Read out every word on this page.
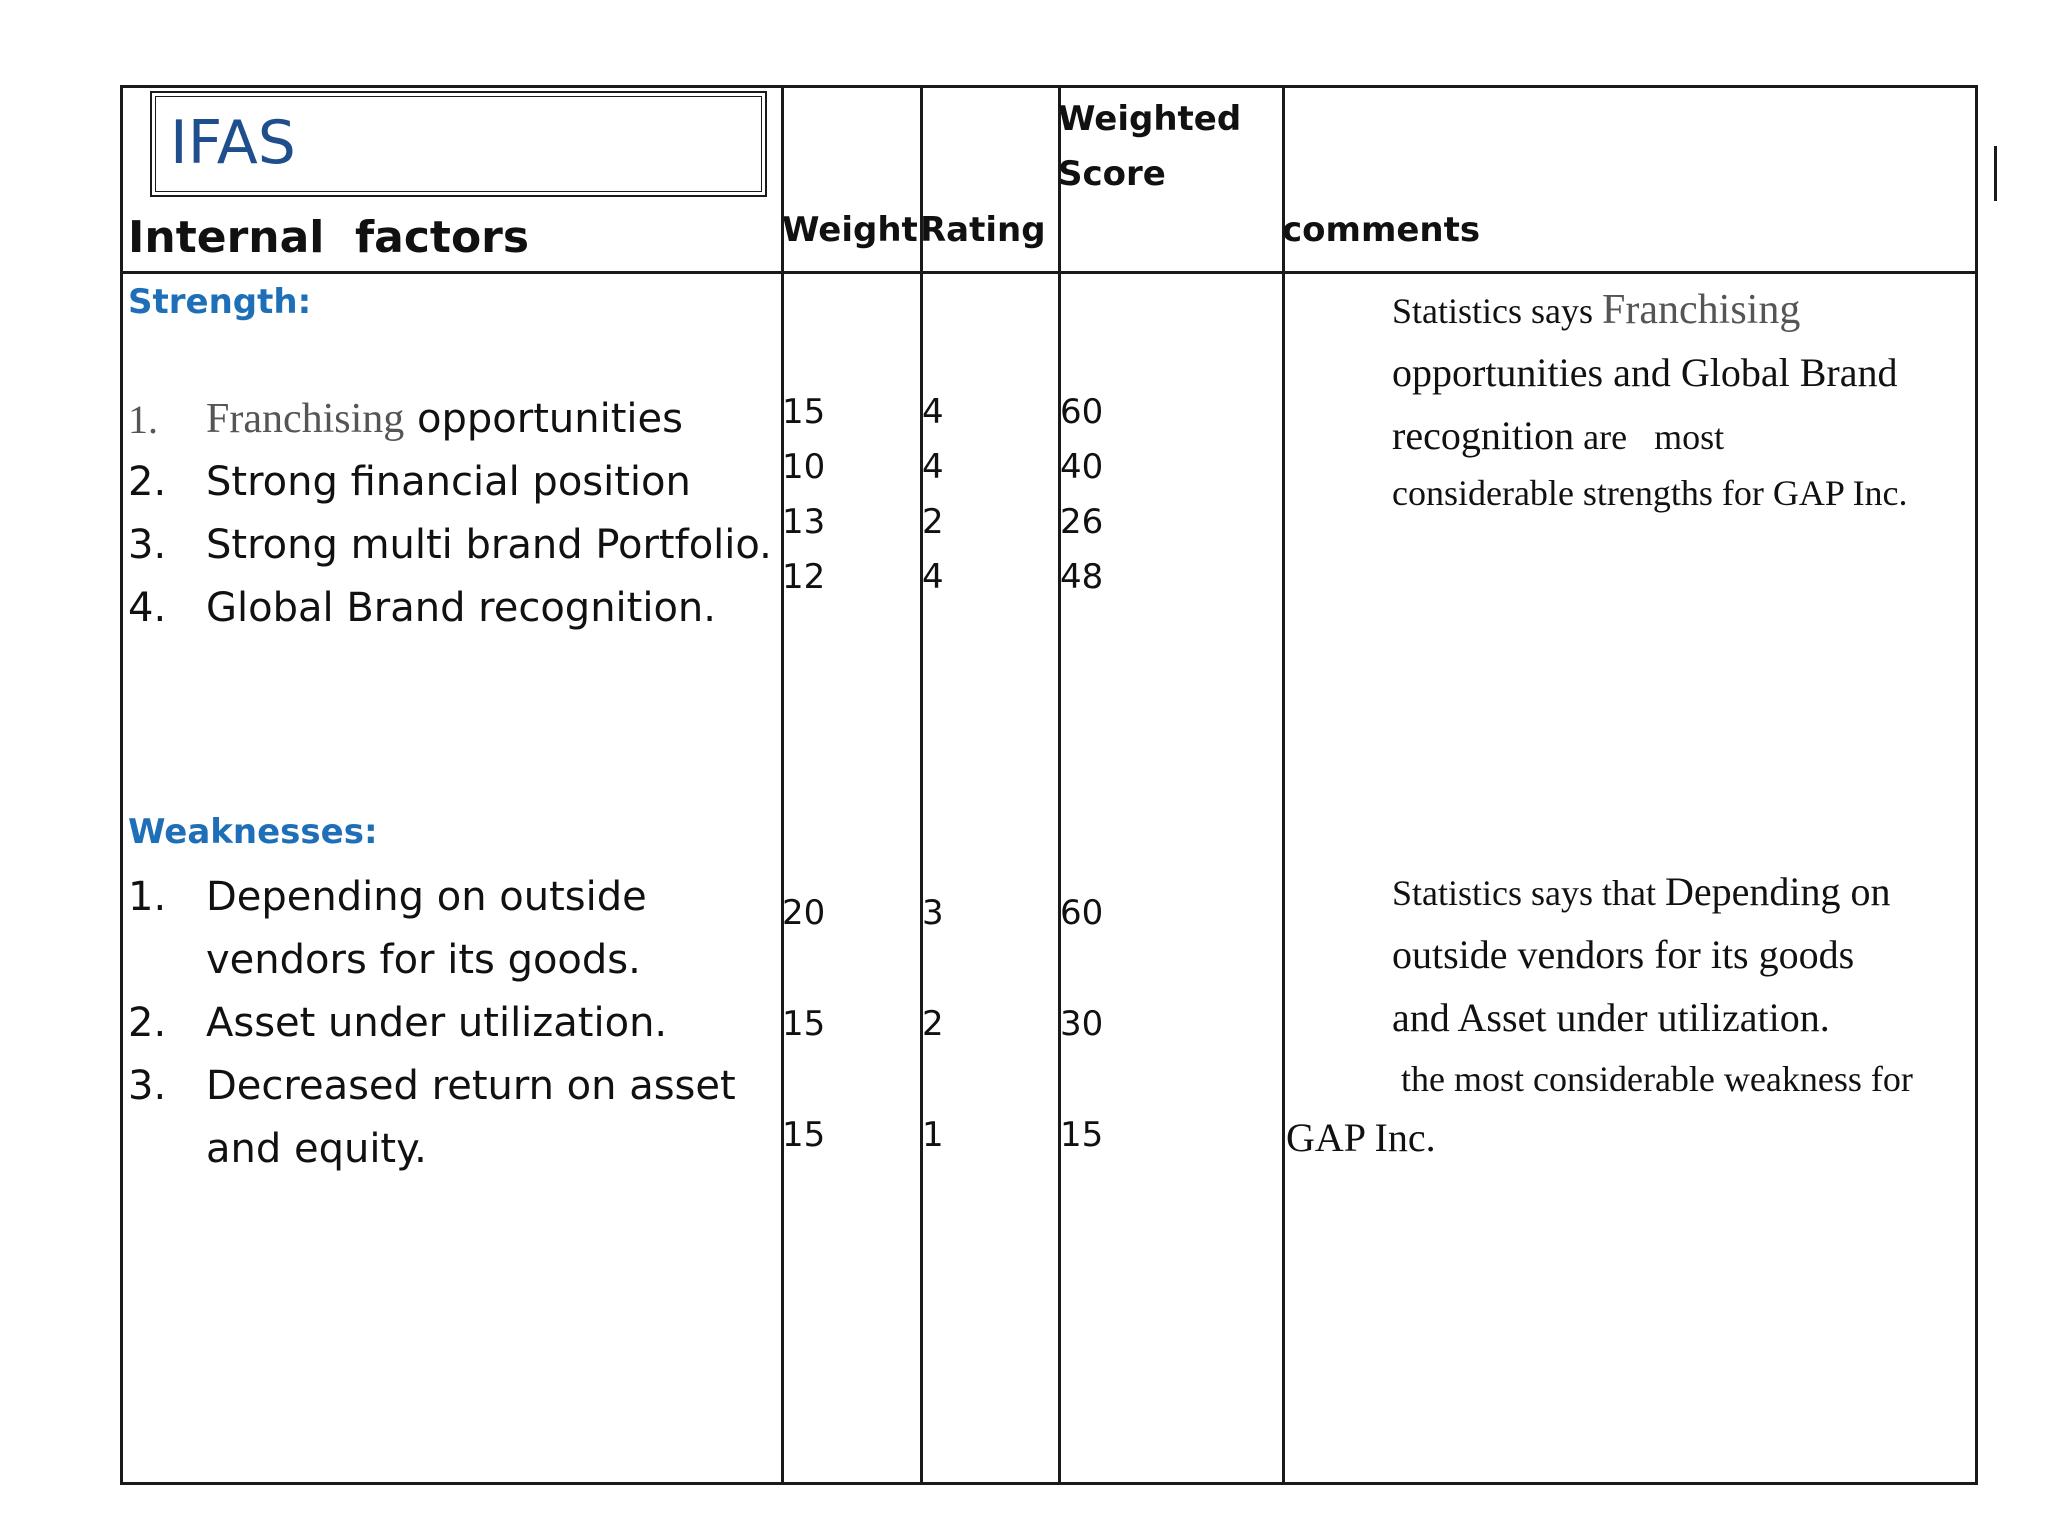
IFAS
Internal  factors	Weight Rating
Weighted
Score
comments
Strength:
1. Franchising opportunities
2. Strong financial position
3. Strong multi brand Portfolio.
4. Global Brand recognition.
15
10
13
12
4
4
2
4
60
40
26
48
Statistics says Franchising
opportunities and Global Brand
recognition are   most
considerable strengths for GAP Inc.
Weaknesses:
1. Depending on outside
vendors for its goods.
2. Asset under utilization.
3. Decreased return on asset
and equity.
20
15
15
3
2
1
60
30
15
Statistics says that Depending on
outside vendors for its goods
and Asset under utilization.
the most considerable weakness for
GAP Inc.
